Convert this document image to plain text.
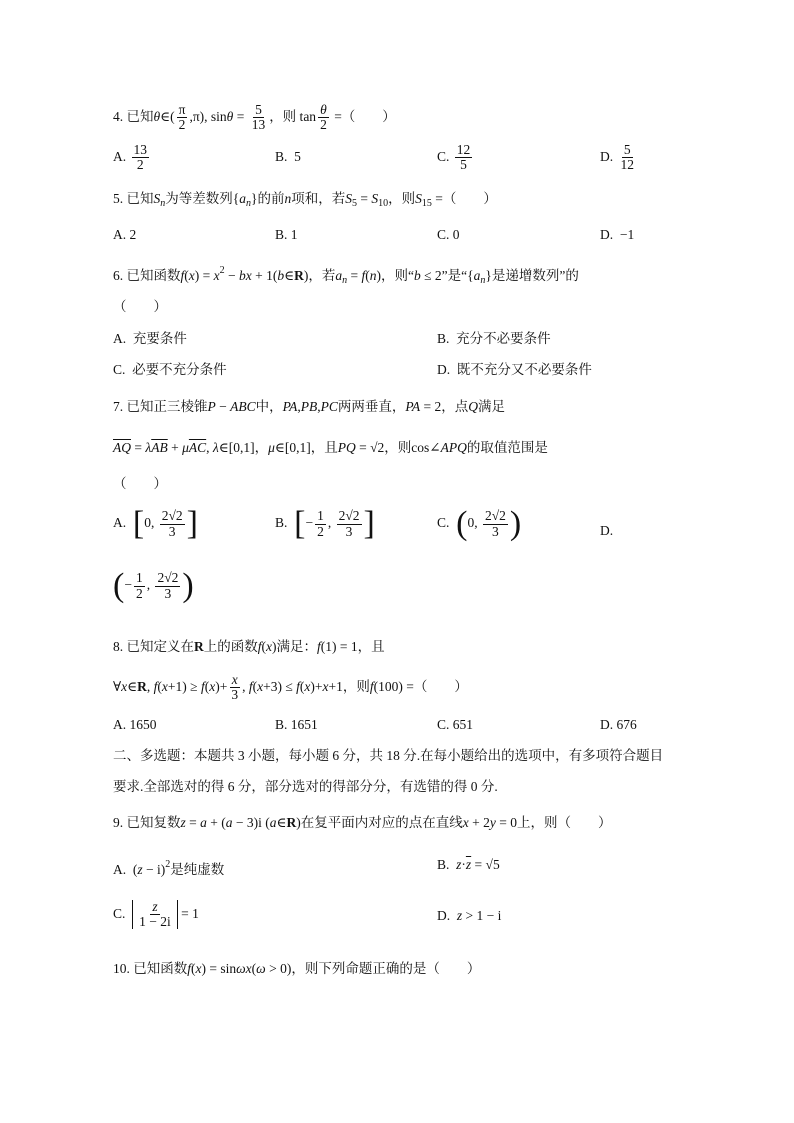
4. 已知θ∈( $\frac{\pi}{2} ,\pi$), $\sin\theta = \frac{5}{13}$ ，则 $\tan \frac{\theta}{2}$ =（　　）
A. $\frac{13}{2}$	B.  5	C. $\frac{12}{5}$	D. $\frac{5}{12}$
5. 已知$S_n$为等差数列$\{a_n\}$的前n项和，若$S_5 = S_{10}$，则$S_{15}$ =（　　）
A. 2	B. 1	C. 0	D.  −1
6. 已知函数$f(x) = x^2$ − bx + 1(b∈R)，若$a_n = f(n)$，则“b ≤ 2”是“$\{a_n\}$是递增数列”的
（　　）
A.  充要条件	B.  充分不必要条件
C.  必要不充分条件	D.  既不充分又不必要条件
7. 已知正三棱锥P − ABC中，PA,PB,PC两两垂直，PA = 2，点Q满足
$\overline{AQ} = \lambda\overline{AB} + \mu\overline{AC}$, λ∈[0,1]，μ∈[0,1]，且PQ = √2，则cos∠APQ的取值范围是
（　　）
A.  [0, $\frac{2√2}{3}$ ]	B.  [− $\frac{1}{2}$ , $\frac{2√2}{3}$ ]	C.  (0, $\frac{2√2}{3}$ )	D.
(− $\frac{1}{2}$ , $\frac{2√2}{3}$ )
8. 已知定义在R上的函数f(x)满足：f(1) = 1，且
∀x∈R, $f(x+1) \ge f(x)+ \frac{x}{3}$ , f(x+3) ≤ f(x)+x+1，则f(100) =（　　）
A. 1650	B. 1651	C. 651	D. 676
二、多选题：本题共 3 小题，每小题 6 分，共 18 分.在每小题给出的选项中，有多项符合题目
要求.全部选对的得 6 分，部分选对的得部分分，有选错的得 0 分.
9. 已知复数z = a + (a − 3)i (a∈R)在复平面内对应的点在直线x + 2y = 0上，则（　　）
A.  $(z - i)^2$是纯虚数	B.  $z\cdot\overline{z} = √5$
C. $\frac{z}{1 - 2i} = 1$	D.  z > 1 − i
10. 已知函数f(x) = sinωx(ω > 0)，则下列命题正确的是（　　）
